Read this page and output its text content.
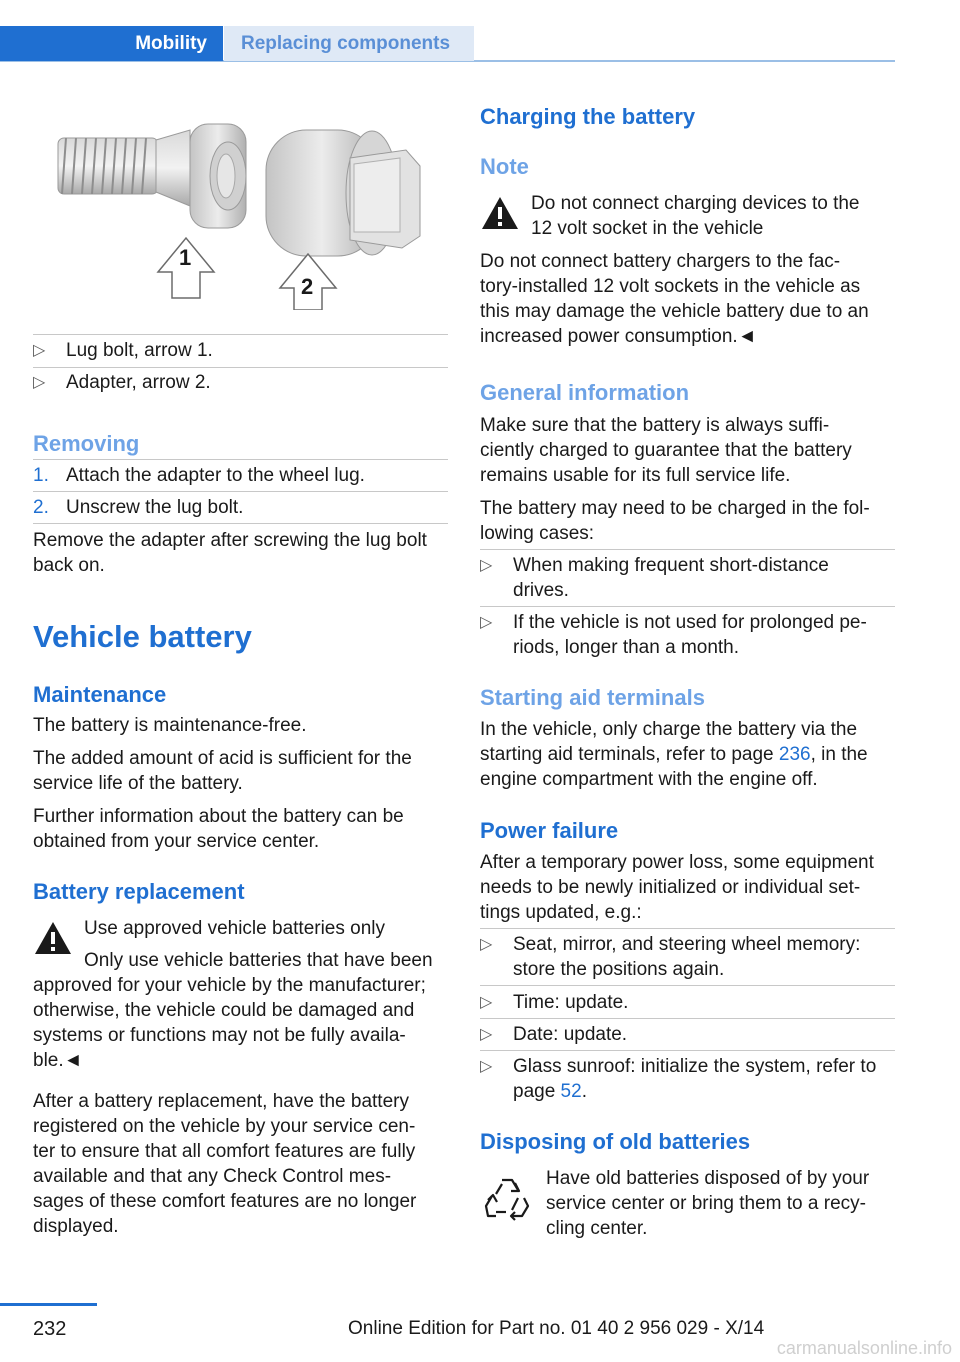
Mobility	Replacing components
1
2
▷ Lug bolt, arrow 1.
▷ Adapter, arrow 2.
Removing
1. Attach the adapter to the wheel lug.
2. Unscrew the lug bolt.
Remove the adapter after screwing the lug bolt
back on.
Vehicle battery
Maintenance
The battery is maintenance-free.
The added amount of acid is sufficient for the
service life of the battery.
Further information about the battery can be
obtained from your service center.
Battery replacement
Use approved vehicle batteries only
Only use vehicle batteries that have been
approved for your vehicle by the manufacturer;
otherwise, the vehicle could be damaged and
systems or functions may not be fully availa-
ble.◄
After a battery replacement, have the battery
registered on the vehicle by your service cen-
ter to ensure that all comfort features are fully
available and that any Check Control mes-
sages of these comfort features are no longer
displayed.
Charging the battery
Note
Do not connect charging devices to the
12 volt socket in the vehicle
Do not connect battery chargers to the fac-
tory-installed 12 volt sockets in the vehicle as
this may damage the vehicle battery due to an
increased power consumption.◄
General information
Make sure that the battery is always suffi-
ciently charged to guarantee that the battery
remains usable for its full service life.
The battery may need to be charged in the fol-
lowing cases:
▷ When making frequent short-distance
drives.
▷ If the vehicle is not used for prolonged pe-
riods, longer than a month.
Starting aid terminals
In the vehicle, only charge the battery via the
starting aid terminals, refer to page 236, in the
engine compartment with the engine off.
Power failure
After a temporary power loss, some equipment
needs to be newly initialized or individual set-
tings updated, e.g.:
▷ Seat, mirror, and steering wheel memory:
store the positions again.
▷ Time: update.
▷ Date: update.
▷ Glass sunroof: initialize the system, refer to
page 52.
Disposing of old batteries
Have old batteries disposed of by your
service center or bring them to a recy-
cling center.
232	Online Edition for Part no. 01 40 2 956 029 - X/14
carmanualsonline.info
